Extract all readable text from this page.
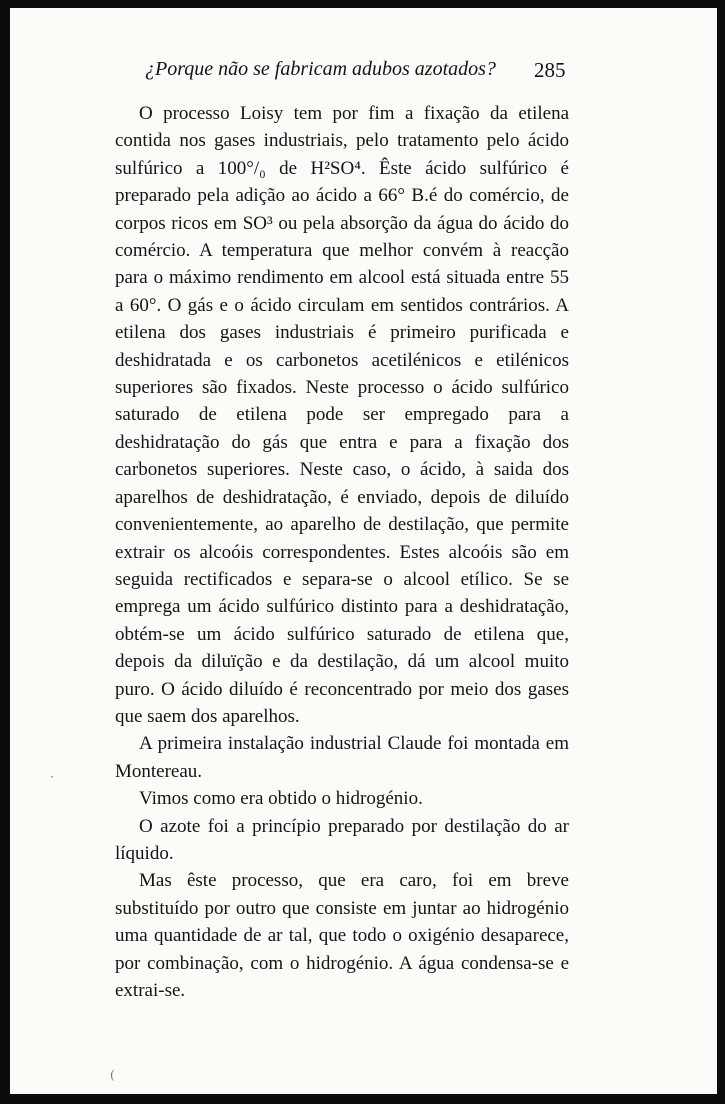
¿Porque não se fabricam adubos azotados? 285

O processo Loisy tem por fim a fixação da etilena contida nos gases industriais, pelo tratamento pelo ácido sulfúrico a 100°/₀ de H²SO⁴. Êste ácido sulfúrico é preparado pela adição ao ácido a 66° B.é do comércio, de corpos ricos em SO³ ou pela absorção da água do ácido do comércio. A temperatura que melhor convém à reacção para o máximo rendimento em alcool está situada entre 55 a 60°. O gás e o ácido circulam em sentidos contrários. A etilena dos gases industriais é primeiro purificada e deshidratada e os carbonetos acetilénicos e etilénicos superiores são fixados. Neste processo o ácido sulfúrico saturado de etilena pode ser empregado para a deshidratação do gás que entra e para a fixação dos carbonetos superiores. Neste caso, o ácido, à saida dos aparelhos de deshidratação, é enviado, depois de diluído convenientemente, ao aparelho de destilação, que permite extrair os alcoóis correspondentes. Estes alcoóis são em seguida rectificados e separa-se o alcool etílico. Se se emprega um ácido sulfúrico distinto para a deshidratação, obtém-se um ácido sulfúrico saturado de etilena que, depois da diluïção e da destilação, dá um alcool muito puro. O ácido diluído é reconcentrado por meio dos gases que saem dos aparelhos.

A primeira instalação industrial Claude foi montada em Montereau.

Vimos como era obtido o hidrogénio.

O azote foi a princípio preparado por destilação do ar líquido.

Mas êste processo, que era caro, foi em breve substituído por outro que consiste em juntar ao hidrogénio uma quantidade de ar tal, que todo o oxigénio desaparece, por combinação, com o hidrogénio. A água condensa-se e extrai-se.

·
(
